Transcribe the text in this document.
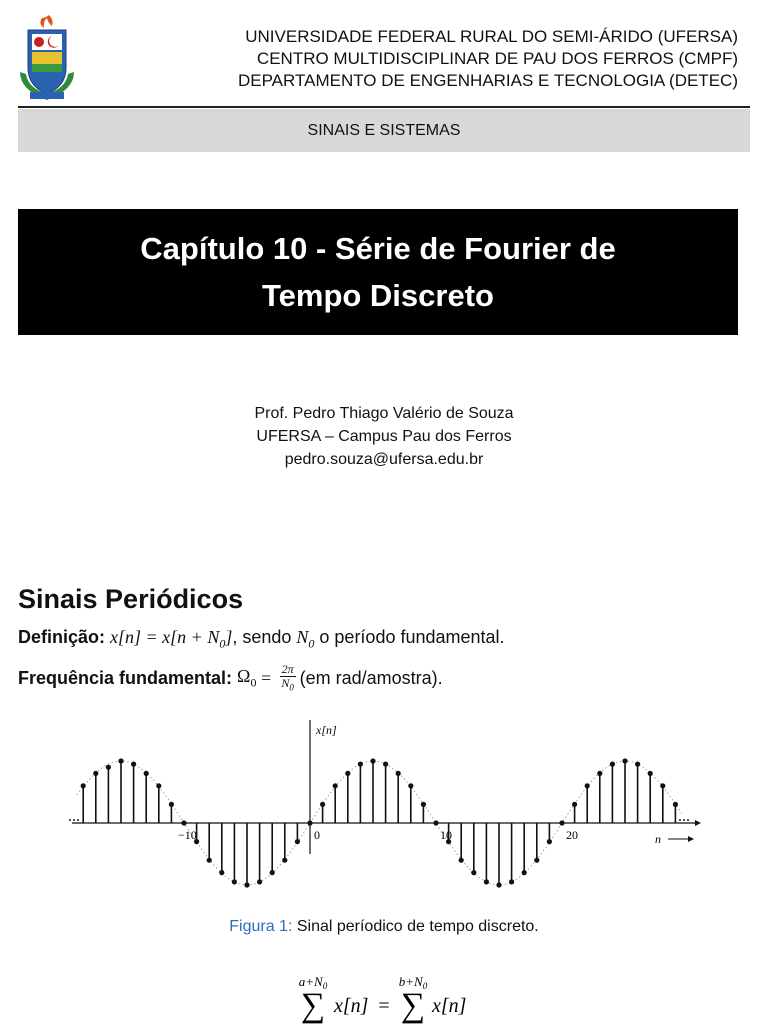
UNIVERSIDADE FEDERAL RURAL DO SEMI-ÁRIDO (UFERSA)
CENTRO MULTIDISCIPLINAR DE PAU DOS FERROS (CMPF)
DEPARTAMENTO DE ENGENHARIAS E TECNOLOGIA (DETEC)
SINAIS E SISTEMAS
Capítulo 10 - Série de Fourier de
Tempo Discreto
Prof. Pedro Thiago Valério de Souza
UFERSA – Campus Pau dos Ferros
pedro.souza@ufersa.edu.br
Sinais Periódicos
Definição: $x[n] = x[n + N_0]$, sendo $N_0$ o período fundamental.
Frequência fundamental:
$\Omega_0 = \frac{2\pi}{N_0} (em$ rad/amostra).
−10	0	10	20
x[n]
n
...	...
Figura 1: Sinal períodico de tempo discreto.
$a+N_0$
∑ x[n] =
$b+N_0$
∑ x[n]
